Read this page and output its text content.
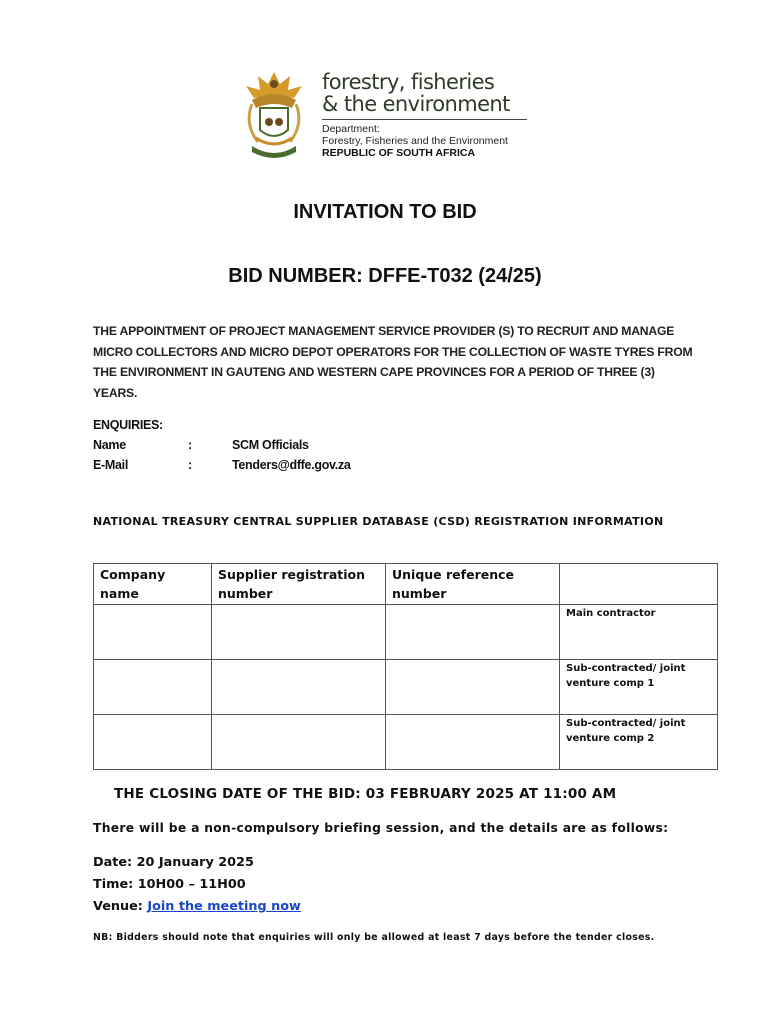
forestry, fisheries
& the environment
Department:
Forestry, Fisheries and the Environment
REPUBLIC OF SOUTH AFRICA
INVITATION TO BID
BID NUMBER: DFFE-T032 (24/25)
THE APPOINTMENT OF PROJECT MANAGEMENT SERVICE PROVIDER (S) TO RECRUIT AND MANAGE MICRO COLLECTORS AND MICRO DEPOT OPERATORS FOR THE COLLECTION OF WASTE TYRES FROM THE ENVIRONMENT IN GAUTENG AND WESTERN CAPE PROVINCES FOR A PERIOD OF THREE (3) YEARS.
ENQUIRIES:
Name	:	SCM Officials
E-Mail	:	Tenders@dffe.gov.za
NATIONAL TREASURY CENTRAL SUPPLIER DATABASE (CSD) REGISTRATION INFORMATION
Company name	Supplier registration number	Unique reference number	

			Main contractor

			Sub-contracted/ joint venture comp 1

			Sub-contracted/ joint venture comp 2
THE CLOSING DATE OF THE BID: 03 FEBRUARY 2025 AT 11:00 AM
There will be a non-compulsory briefing session, and the details are as follows:
Date: 20 January 2025
Time: 10H00 – 11H00
Venue: Join the meeting now
NB: Bidders should note that enquiries will only be allowed at least 7 days before the tender closes.
